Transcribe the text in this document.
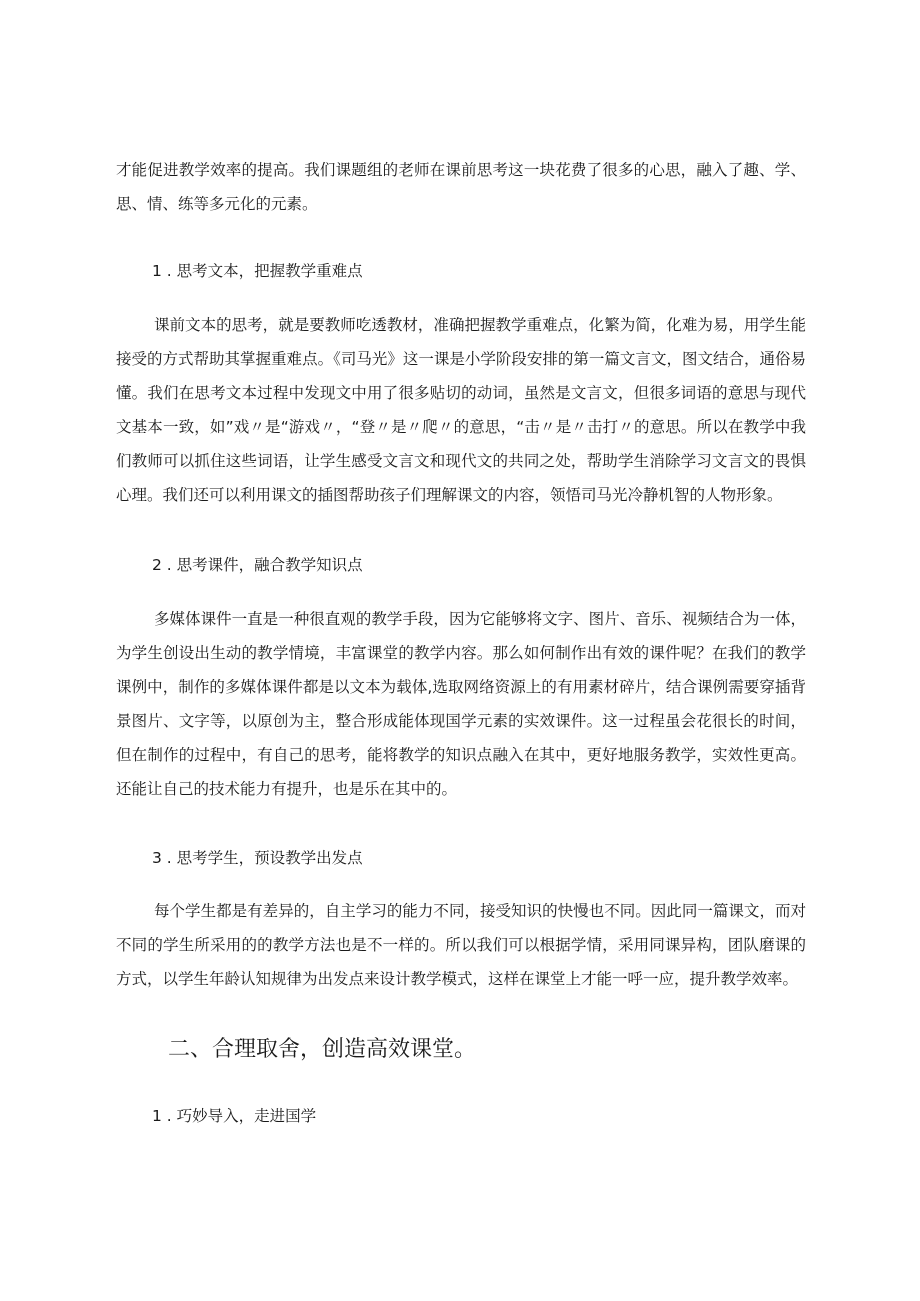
才能促进教学效率的提高。我们课题组的老师在课前思考这一块花费了很多的心思，融入了趣、学、思、情、练等多元化的元素。

1 . 思考文本，把握教学重难点

课前文本的思考，就是要教师吃透教材，准确把握教学重难点，化繁为简，化难为易，用学生能接受的方式帮助其掌握重难点。《司马光》这一课是小学阶段安排的第一篇文言文，图文结合，通俗易懂。我们在思考文本过程中发现文中用了很多贴切的动词，虽然是文言文，但很多词语的意思与现代文基本一致，如”戏〃是“游戏〃，“登〃是〃爬〃的意思，“击〃是〃击打〃的意思。所以在教学中我们教师可以抓住这些词语，让学生感受文言文和现代文的共同之处，帮助学生消除学习文言文的畏惧心理。我们还可以利用课文的插图帮助孩子们理解课文的内容，领悟司马光冷静机智的人物形象。

2 . 思考课件，融合教学知识点

多媒体课件一直是一种很直观的教学手段，因为它能够将文字、图片、音乐、视频结合为一体，为学生创设出生动的教学情境，丰富课堂的教学内容。那么如何制作出有效的课件呢？在我们的教学课例中，制作的多媒体课件都是以文本为载体,选取网络资源上的有用素材碎片，结合课例需要穿插背景图片、文字等，以原创为主，整合形成能体现国学元素的实效课件。这一过程虽会花很长的时间，但在制作的过程中，有自己的思考，能将教学的知识点融入在其中，更好地服务教学，实效性更高。还能让自己的技术能力有提升，也是乐在其中的。

3 . 思考学生，预设教学出发点

每个学生都是有差异的，自主学习的能力不同，接受知识的快慢也不同。因此同一篇课文，而对不同的学生所采用的的教学方法也是不一样的。所以我们可以根据学情，采用同课异构，团队磨课的方式，以学生年龄认知规律为出发点来设计教学模式，这样在课堂上才能一呼一应，提升教学效率。

二、合理取舍，创造高效课堂。

1 . 巧妙导入，走进国学
